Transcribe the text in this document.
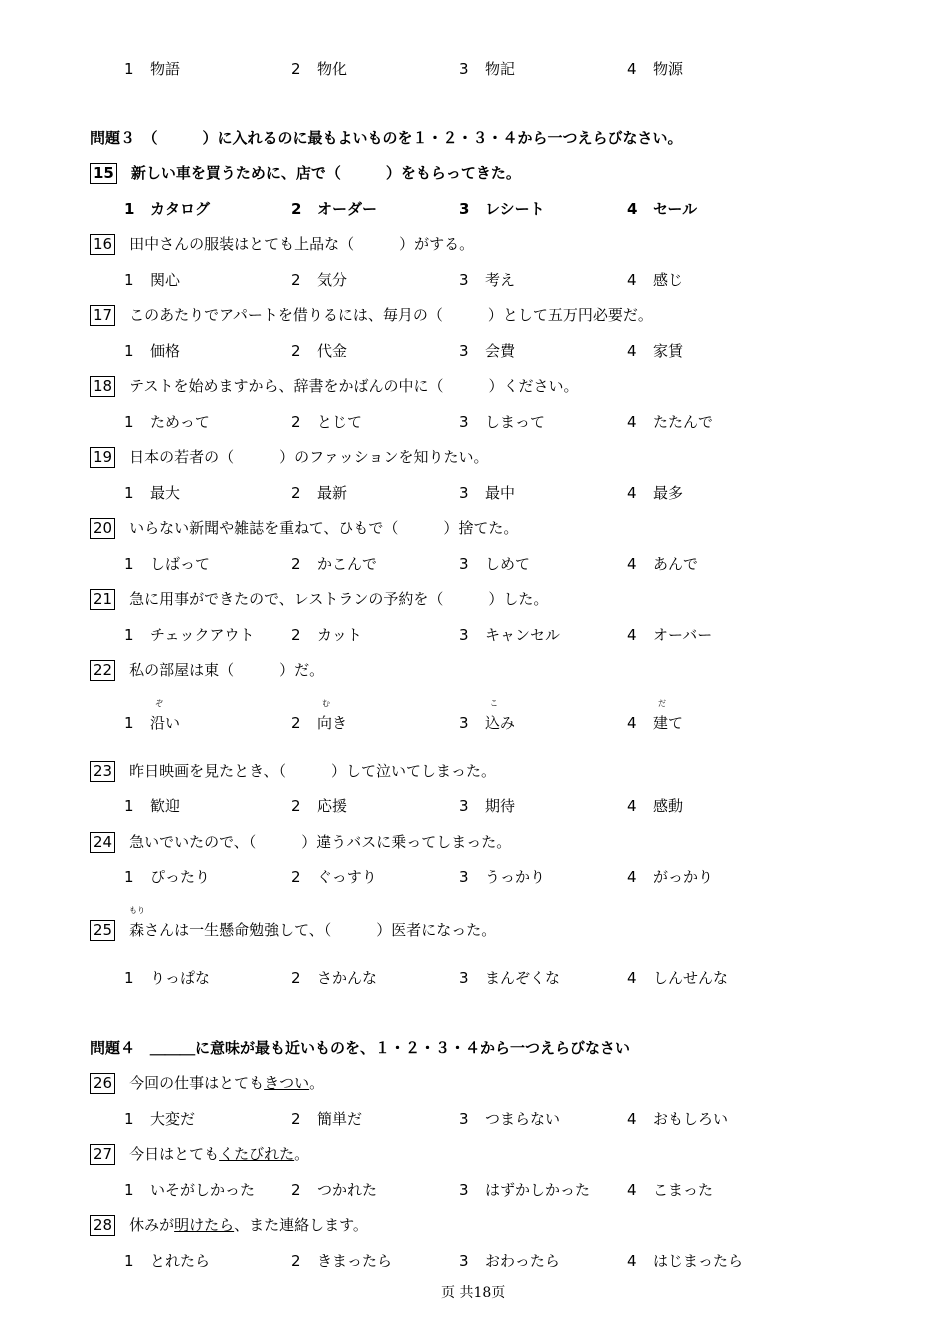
1 物語	2 物化	3 物記	4 物源
問題３　（　　　）に入れるのに最もよいものを１・２・３・４から一つえらびなさい。
15 新しい車を買うために、店で（　　　）をもらってきた。
1 カタログ	2 オーダー	3 レシート	4 セール
16 田中さんの服装はとても上品な（　　　）がする。
1 関心	2 気分	3 考え	4 感じ
17 このあたりでアパートを借りるには、毎月の（　　　）として五万円必要だ。
1 価格	2 代金	3 会費	4 家賃
18 テストを始めますから、辞書をかばんの中に（　　　）ください。
1 ためって	2 とじて	3 しまって	4 たたんで
19 日本の若者の（　　　）のファッションを知りたい。
1 最大	2 最新	3 最中	4 最多
20 いらない新聞や雑誌を重ねて、ひもで（　　　）捨てた。
1 しばって	2 かこんで	3 しめて	4 あんで
21 急に用事ができたので、レストランの予約を（　　　）した。
1 チェックアウト 2 カット	3 キャンセル	4 オーバー
22 私の部屋は東（　　　）だ。
ぞ	む	こ	だ
1 沿い	2 向き	3 込み	4 建て
23 昨日映画を見たとき、（　　　）して泣いてしまった。
1 歓迎	2 応援	3 期待	4 感動
24 急いでいたので、（　　　）違うバスに乗ってしまった。
1 ぴったり	2 ぐっすり	3 うっかり	4 がっかり
もり
25 森さんは一生懸命勉強して、（　　　）医者になった。
1 りっぱな	2 さかんな	3 まんぞくな	4 しんせんな
問題４　＿＿＿に意味が最も近いものを、１・２・３・４から一つえらびなさい
26 今回の仕事はとてもきつい。
1 大変だ	2 簡単だ	3 つまらない	4 おもしろい
27 今日はとてもくたびれた。
1 いそがしかった 2 つかれた	3 はずかしかった 4 こまった
28 休みが明けたら、また連絡します。
1 とれたら	2 きまったら	3 おわったら	4 はじまったら
页 共18页
